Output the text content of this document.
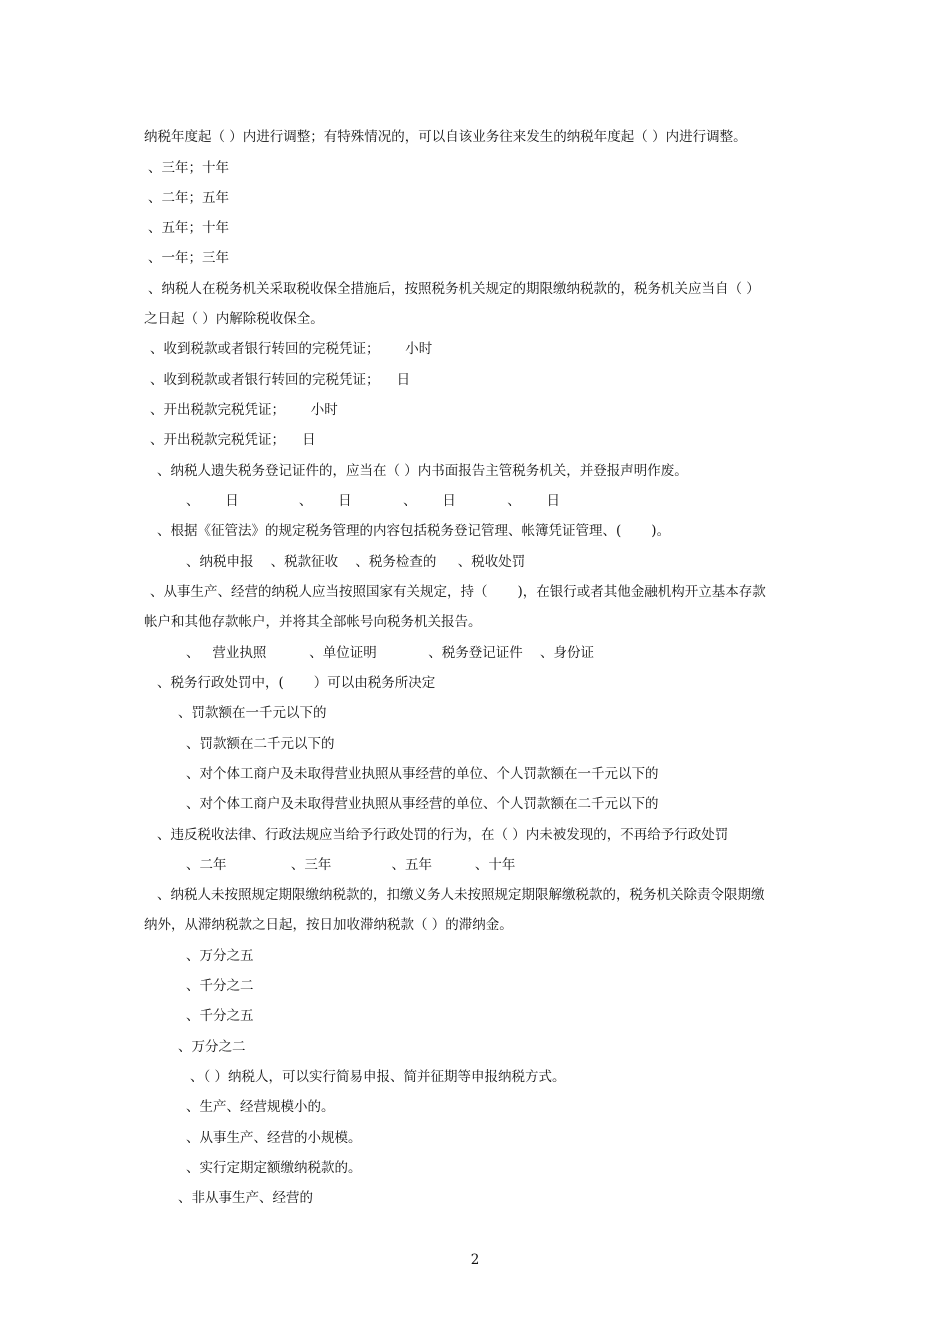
纳税年度起（ ）内进行调整；有特殊情况的，可以自该业务往来发生的纳税年度起（ ）内进行调整。

、三年；十年

、二年；五年

、五年；十年

、一年；三年

、纳税人在税务机关采取税收保全措施后，按照税务机关规定的期限缴纳税款的，税务机关应当自（ ）

之日起（ ）内解除税收保全。

、收到税款或者银行转回的完税凭证；      小时

、收到税款或者银行转回的完税凭证；    日

、开出税款完税凭证；      小时

、开出税款完税凭证；    日

、纳税人遗失税务登记证件的，应当在（ ）内书面报告主管税务机关，并登报声明作废。

、      日              、      日            、      日            、      日

、根据《征管法》的规定税务管理的内容包括税务登记管理、帐簿凭证管理、(       )。

、纳税申报    、税款征收    、税务检查的     、税收处罚

、从事生产、经营的纳税人应当按照国家有关规定，持（       )，在银行或者其他金融机构开立基本存款

帐户和其他存款帐户，并将其全部帐号向税务机关报告。

、   营业执照          、单位证明            、税务登记证件    、身份证

、税务行政处罚中，(       ）可以由税务所决定

、罚款额在一千元以下的

、罚款额在二千元以下的

、对个体工商户及未取得营业执照从事经营的单位、个人罚款额在一千元以下的

、对个体工商户及未取得营业执照从事经营的单位、个人罚款额在二千元以下的

、违反税收法律、行政法规应当给予行政处罚的行为，在（ ）内未被发现的，不再给予行政处罚

、二年               、三年              、五年          、十年

、纳税人未按照规定期限缴纳税款的，扣缴义务人未按照规定期限解缴税款的，税务机关除责令限期缴

纳外，从滞纳税款之日起，按日加收滞纳税款（ ）的滞纳金。

、万分之五

、千分之二

、千分之五

、万分之二

、（ ）纳税人，可以实行简易申报、简并征期等申报纳税方式。

、生产、经营规模小的。

、从事生产、经营的小规模。

、实行定期定额缴纳税款的。

、非从事生产、经营的

2
